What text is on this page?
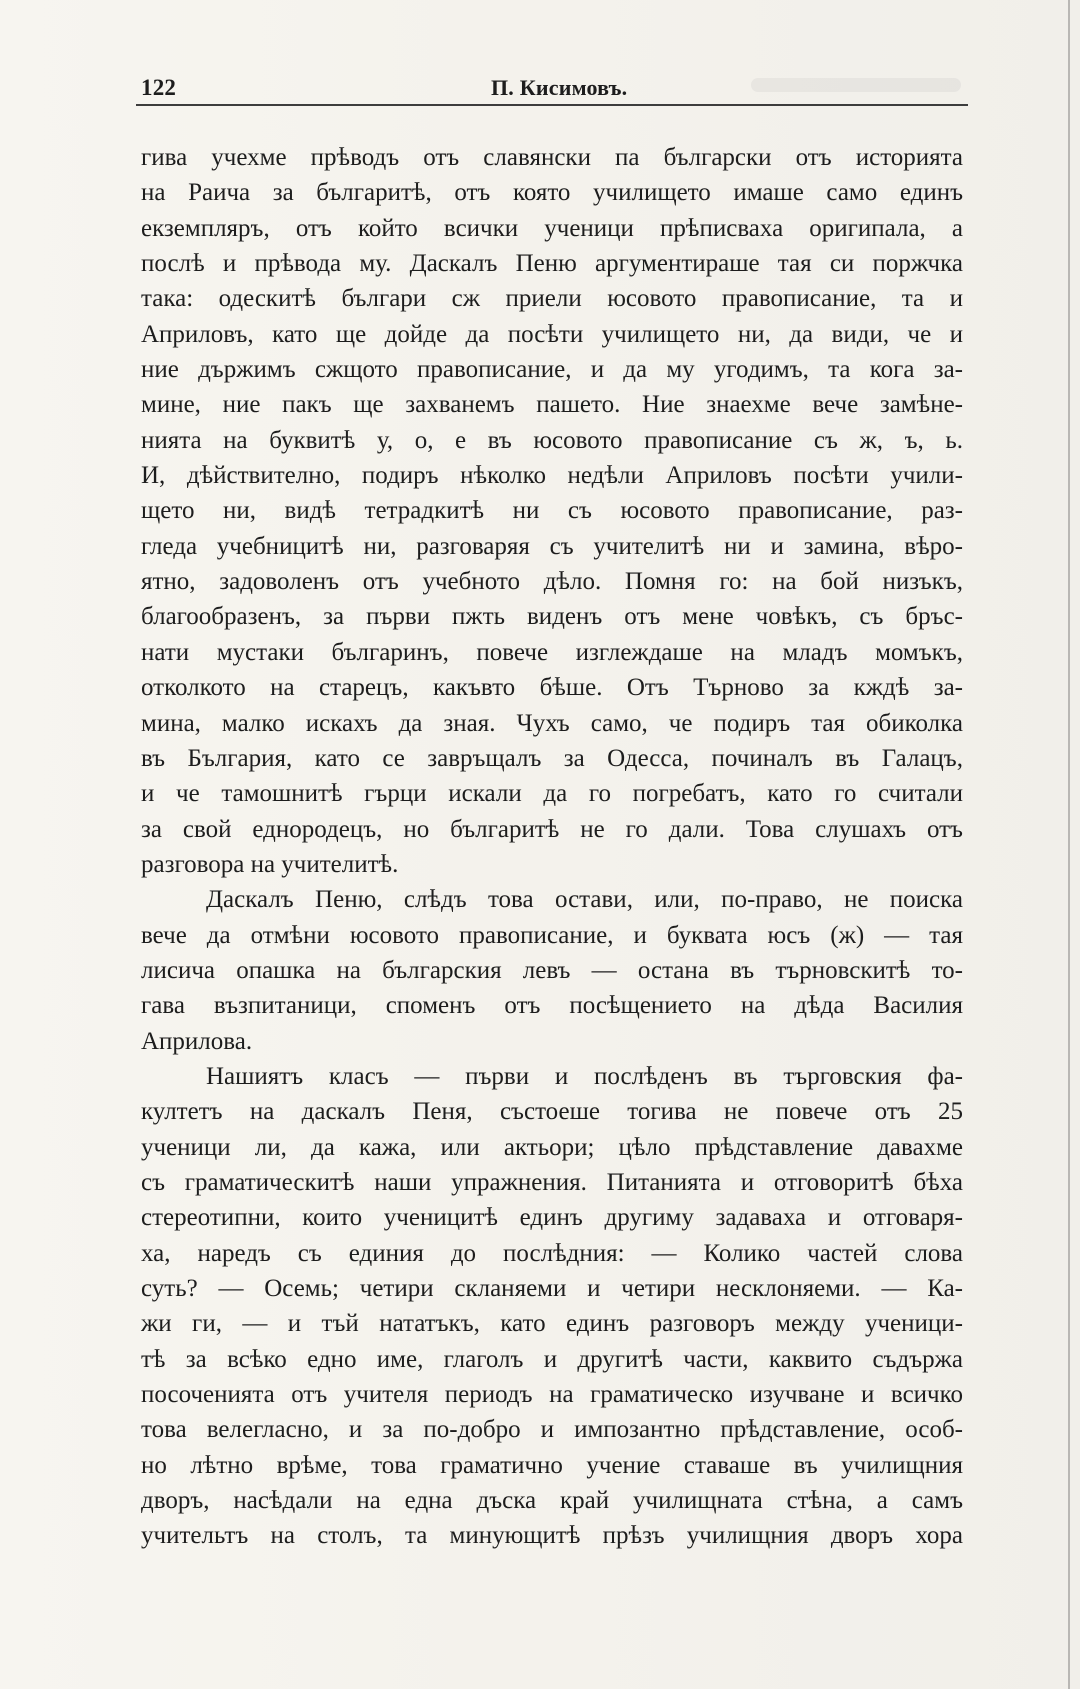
122	П. Кисимовъ.
гива учехме прѣводъ отъ славянски па български отъ историята
на Раича за българитѣ, отъ която училището имаше само единъ
екземпляръ, отъ който всички ученици прѣписваха оригипала, а
послѣ и прѣвода му. Даскалъ Пеню аргументираше тая си поржчка
така: одескитѣ българи сж приели юсовото правописание, та и
Априловъ, като ще дойде да посѣти училището ни, да види, че и
ние държимъ сжщото правописание, и да му угодимъ, та кога за-
мине, ние пакъ ще захванемъ пашето. Ние знаехме вече замѣне-
нията на буквитѣ у, о, е въ юсовото правописание съ ж, ъ, ь.
И, дѣйствително, подиръ нѣколко недѣли Априловъ посѣти учили-
щето ни, видѣ тетрадкитѣ ни съ юсовото правописание, раз-
гледа учебницитѣ ни, разговаряя съ учителитѣ ни и замина, вѣро-
ятно, задоволенъ отъ учебното дѣло. Помня го: на бой низъкъ,
благообразенъ, за първи пжть виденъ отъ мене човѣкъ, съ бръс-
нати мустаки българинъ, повече изглеждаше на младъ момъкъ,
отколкото на старецъ, какъвто бѣше. Отъ Търново за кждѣ за-
мина, малко искахъ да зная. Чухъ само, че подиръ тая обиколка
въ България, като се завръщалъ за Одесса, починалъ въ Галацъ,
и че тамошнитѣ гърци искали да го погребатъ, като го считали
за свой еднородецъ, но българитѣ не го дали. Това слушахъ отъ
разговора на учителитѣ.
Даскалъ Пеню, слѣдъ това остави, или, по-право, не поиска
вече да отмѣни юсовото правописание, и буквата юсъ (ж) — тая
лисича опашка на българския левъ — остана въ търновскитѣ то-
гава възпитаници, споменъ отъ посѣщението на дѣда Василия
Априлова.
Нашиятъ класъ — първи и послѣденъ въ търговския фа-
култетъ на даскалъ Пеня, състоеше тогива не повече отъ 25
ученици ли, да кажа, или актьори; цѣло прѣдставление давахме
съ граматическитѣ наши упражнения. Питанията и отговоритѣ бѣха
стереотипни, които ученицитѣ единъ другиму задаваха и отговаря-
ха, наредъ съ единия до послѣдния: — Колико частей слова
суть? — Осемь; четири скланяеми и четири несклоняеми. — Ка-
жи ги, — и тъй нататъкъ, като единъ разговоръ между ученици-
тѣ за всѣко едно име, глаголъ и другитѣ части, каквито съдържа
посоченията отъ учителя периодъ на граматическо изучване и всичко
това велегласно, и за по-добро и импозантно прѣдставление, особ-
но лѣтно врѣме, това граматично учение ставаше въ училищния
дворъ, насѣдали на една дъска край училищната стѣна, а самъ
учительтъ на столъ, та минующитѣ прѣзъ училищния дворъ хора
